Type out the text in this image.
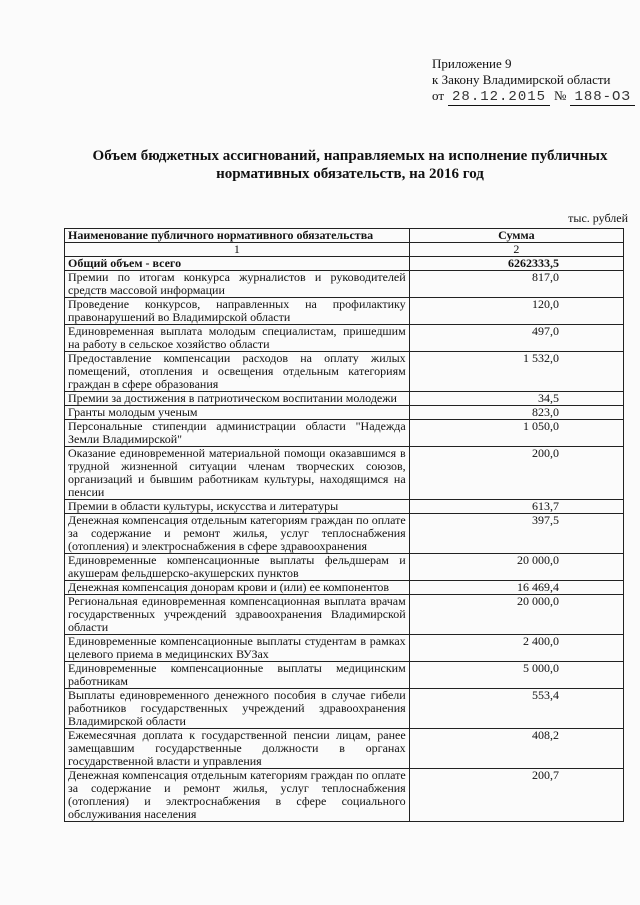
Приложение 9
к Закону Владимирской области
от 28.12.2015 № 188-ОЗ
Объем бюджетных ассигнований, направляемых на исполнение публичных нормативных обязательств, на 2016 год
тыс. рублей
Наименование публичного нормативного обязательства	Сумма
1	2
Общий объем - всего	6262333,5
Премии по итогам конкурса журналистов и руководителей средств массовой информации	817,0
Проведение конкурсов, направленных на профилактику правонарушений во Владимирской области	120,0
Единовременная выплата молодым специалистам, пришедшим на работу в сельское хозяйство области	497,0
Предоставление компенсации расходов на оплату жилых помещений, отопления и освещения отдельным категориям граждан в сфере образования	1 532,0
Премии за достижения в патриотическом воспитании молодежи	34,5
Гранты молодым ученым	823,0
Персональные стипендии администрации области "Надежда Земли Владимирской"	1 050,0
Оказание единовременной материальной помощи оказавшимся в трудной жизненной ситуации членам творческих союзов, организаций и бывшим работникам культуры, находящимся на пенсии	200,0
Премии в области культуры, искусства и литературы	613,7
Денежная компенсация отдельным категориям граждан по оплате за содержание и ремонт жилья, услуг теплоснабжения (отопления) и электроснабжения в сфере здравоохранения	397,5
Единовременные компенсационные выплаты фельдшерам и акушерам фельдшерско-акушерских пунктов	20 000,0
Денежная компенсация донорам крови и (или) ее компонентов	16 469,4
Региональная единовременная компенсационная выплата врачам государственных учреждений здравоохранения Владимирской области	20 000,0
Единовременные компенсационные выплаты студентам в рамках целевого приема в медицинских ВУЗах	2 400,0
Единовременные компенсационные выплаты медицинским работникам	5 000,0
Выплаты единовременного денежного пособия в случае гибели работников государственных учреждений здравоохранения Владимирской области	553,4
Ежемесячная доплата к государственной пенсии лицам, ранее замещавшим государственные должности в органах государственной власти и управления	408,2
Денежная компенсация отдельным категориям граждан по оплате за содержание и ремонт жилья, услуг теплоснабжения (отопления) и электроснабжения в сфере социального обслуживания населения	200,7
